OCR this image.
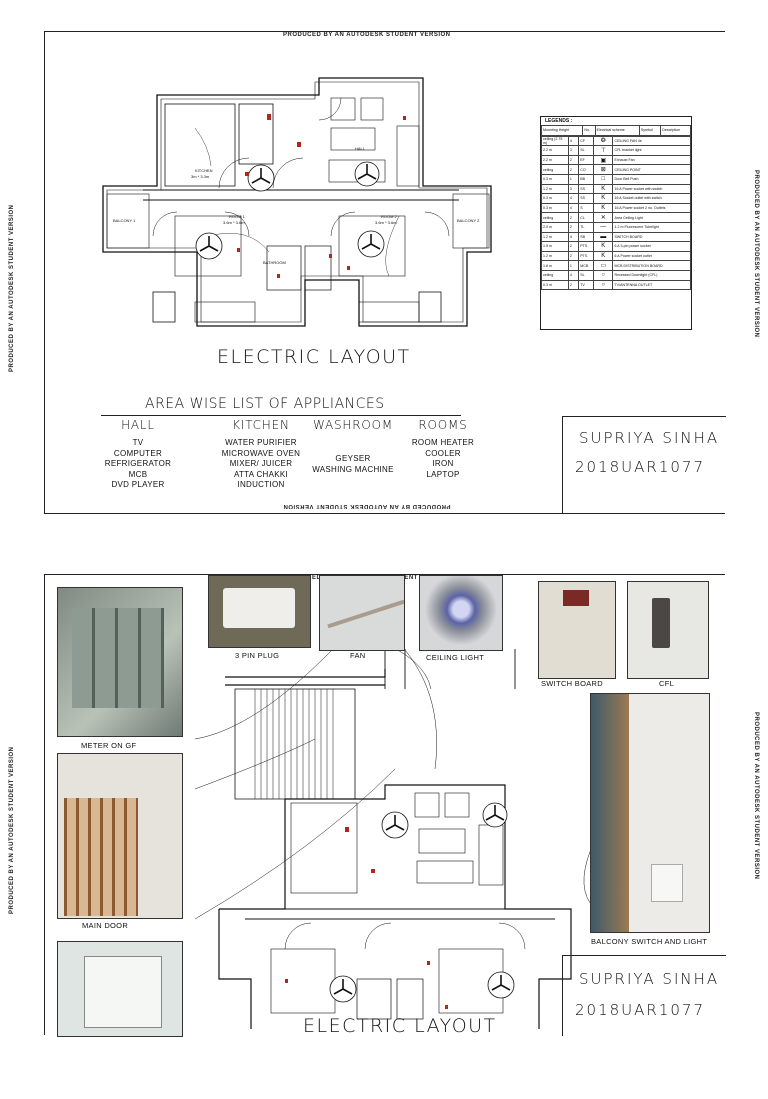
PRODUCED BY AN AUTODESK STUDENT VERSION	PRODUCED BY AN AUTODESK STUDENT VERSION
PRODUCED BY AN AUTODESK STUDENT VERSION	PRODUCED BY AN AUTODESK STUDENT VERSION
PRODUCED BY AN AUTODESK STUDENT VERSION
PRODUCED BY AN AUTODESK STUDENT VERSION
KITCHEN
3m * 3.3m
HALL
ROOM 1
3.6m * 3.6m
ROOM 2
3.6m * 3.6m
BALCONY 1	BALCONY 2
BATHROOM
LEGENDS :
Mounting Height	No.	Electrical scheme	Symbol	Description
ceiling (2.75 m)	4	CF	❂	CEILING FAN 4e
2.2 m	3	SL	⊤	CFL bracket light
2.2 m	2	EF	▣	Exhaust Fan
ceiling	2	CO	⊠	CEILING POINT
0.3 m	1	BB	□	Door Bell Push
1.2 m	3	SS	K	16 A Power socket with switch
0.3 m	4	SS	K	16 A Socket outlet with switch
0.3 m	4	S	K	16 A Power socket 2 no. Outlets
ceiling	2	CL	✕	Area Ceiling Light
2.0 m	2	TL	—	1.2 m Fluorescent Tubelight
1.2 m	4	SB	▬	SWITCH BOARD
1.5 m	2	PTS	K	6 A 3-pin power socket
1.2 m	2	PTS	K	6 A Power socket outlet
1.8 m	1	MCB	▭	MCB DISTRIBUTION BOARD
ceiling	4	SL	○	Recessed Downlight (CFL)
0.3 m	2	TV	○	TV/ANTENNA OUTLET
ELECTRIC LAYOUT
AREA WISE LIST OF APPLIANCES
HALL
TV
COMPUTER
REFRIGERATOR
MCB
DVD PLAYER
KITCHEN
WATER PURIFIER
MICROWAVE OVEN
MIXER/ JUICER
ATTA CHAKKI
INDUCTION
WASHROOM
GEYSER
WASHING MACHINE
ROOMS
ROOM HEATER
COOLER
IRON
LAPTOP
SUPRIYA SINHA
2018UAR1077
METER ON GF
MAIN DOOR
3 PIN PLUG	FAN	CEILING LIGHT
SWITCH BOARD	CFL
BALCONY SWITCH AND LIGHT
SUPRIYA SINHA
2018UAR1077
ELECTRIC LAYOUT
